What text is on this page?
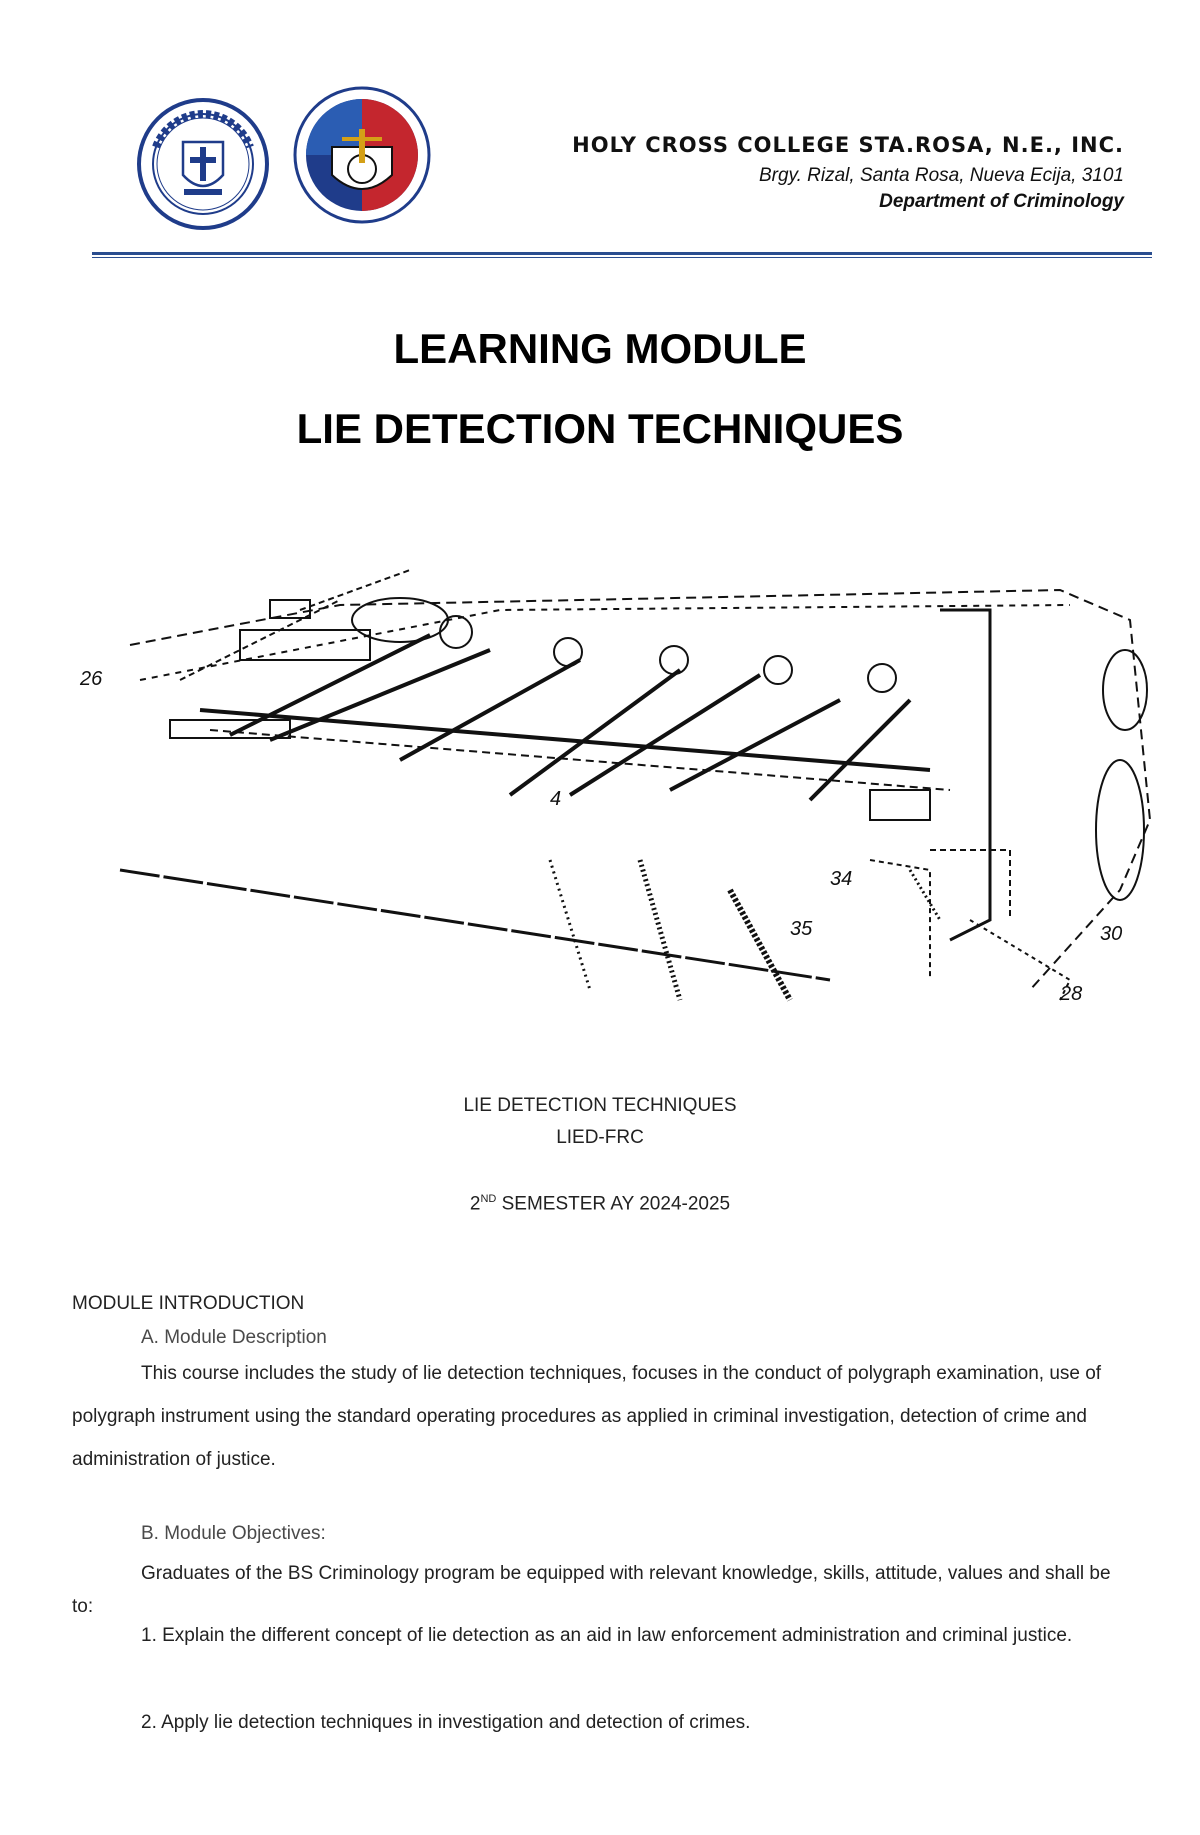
HOLY CROSS COLLEGE STA.ROSA, N.E., INC.
Brgy. Rizal, Santa Rosa, Nueva Ecija, 3101
Department of Criminology
LEARNING MODULE
LIE DETECTION TECHNIQUES
26
34
35	30
28
4
LIE DETECTION TECHNIQUES
LIED-FRC
2ND SEMESTER AY 2024-2025
MODULE INTRODUCTION
A. Module Description
This course includes the study of lie detection techniques, focuses in the conduct of polygraph examination, use of polygraph instrument using the standard operating procedures as applied in criminal investigation, detection of crime and administration of justice.
B. Module Objectives:
Graduates of the BS Criminology program be equipped with relevant knowledge, skills, attitude, values and shall be to:
1. Explain the different concept of lie detection as an aid in law enforcement administration and criminal justice.
2. Apply lie detection techniques in investigation and detection of crimes.
